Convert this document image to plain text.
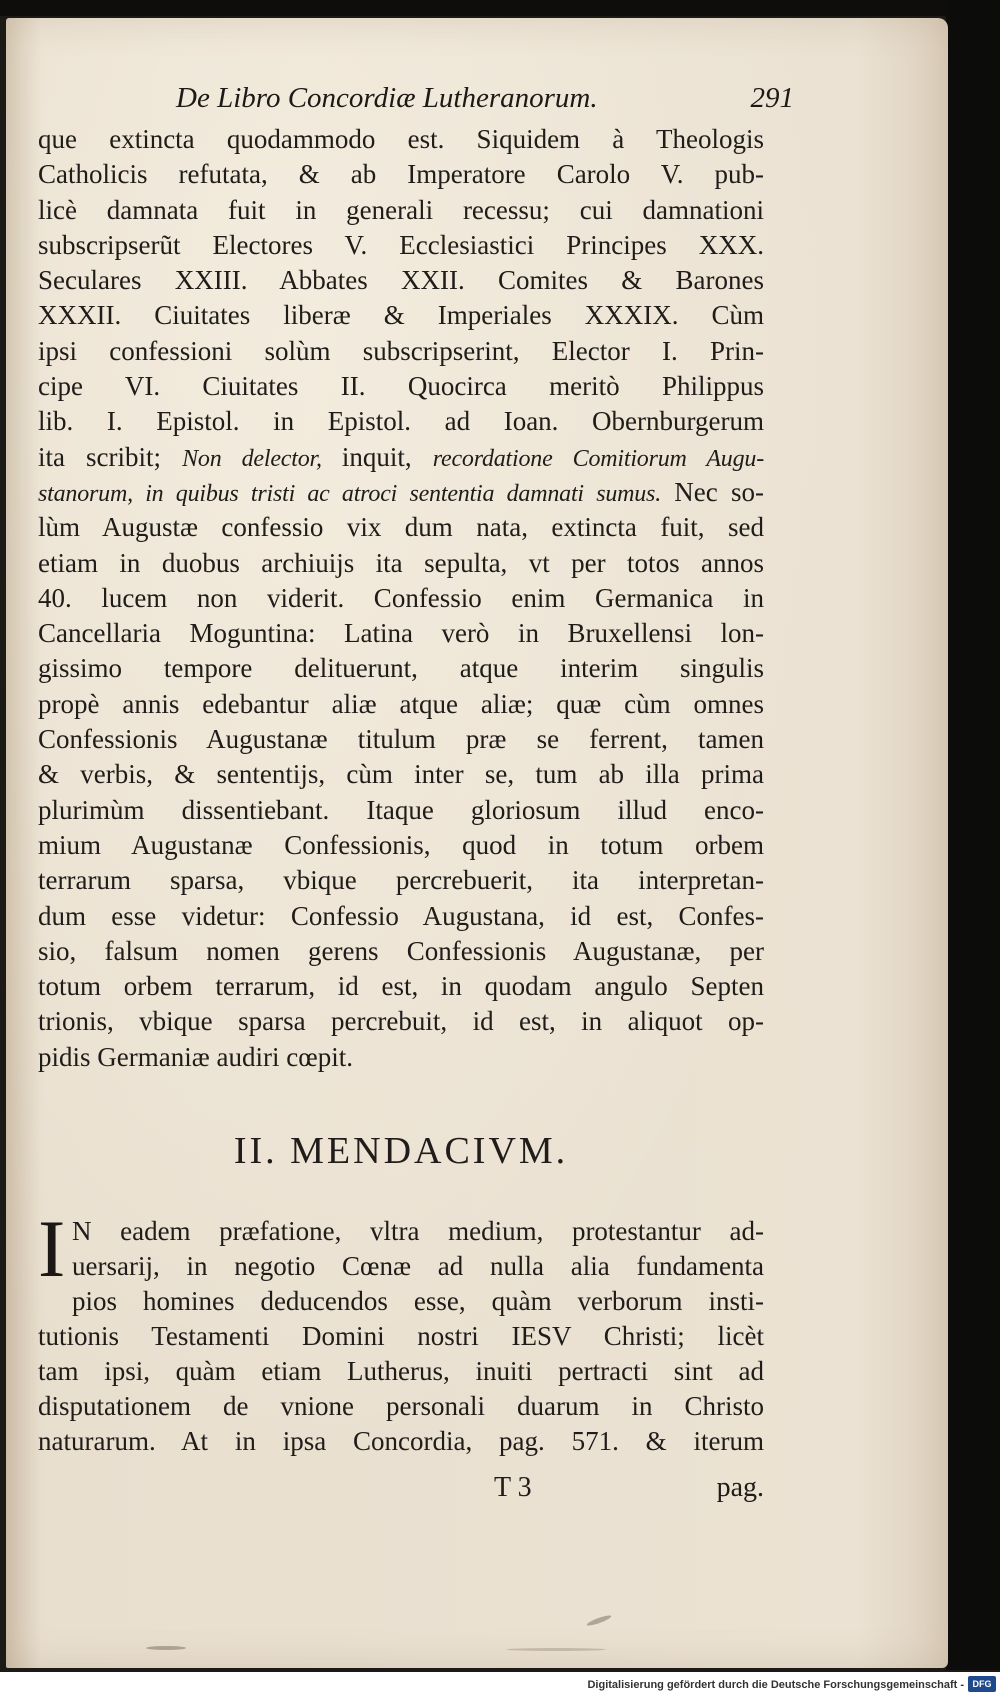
De Libro Concordiæ Lutheranorum.	291
que extincta quodammodo est. Siquidem à Theologis
Catholicis refutata, & ab Imperatore Carolo V. pub-
licè damnata fuit in generali recessu; cui damnationi
subscripserũt Electores V. Ecclesiastici Principes XXX.
Seculares XXIII. Abbates XXII. Comites & Barones
XXXII. Ciuitates liberæ & Imperiales XXXIX. Cùm
ipsi confessioni solùm subscripserint, Elector I. Prin-
cipe VI. Ciuitates II. Quocirca meritò Philippus
lib. I. Epistol. in Epistol. ad Ioan. Obernburgerum
ita scribit; Non delector, inquit, recordatione Comitiorum Augu-
stanorum, in quibus tristi ac atroci sententia damnati sumus. Nec so-
lùm Augustæ confessio vix dum nata, extincta fuit, sed
etiam in duobus archiuijs ita sepulta, vt per totos annos
40. lucem non viderit. Confessio enim Germanica in
Cancellaria Moguntina: Latina verò in Bruxellensi lon-
gissimo tempore delituerunt, atque interim singulis
propè annis edebantur aliæ atque aliæ; quæ cùm omnes
Confessionis Augustanæ titulum præ se ferrent, tamen
& verbis, & sententijs, cùm inter se, tum ab illa prima
plurimùm dissentiebant. Itaque gloriosum illud enco-
mium Augustanæ Confessionis, quod in totum orbem
terrarum sparsa, vbique percrebuerit, ita interpretan-
dum esse videtur: Confessio Augustana, id est, Confes-
sio, falsum nomen gerens Confessionis Augustanæ, per
totum orbem terrarum, id est, in quodam angulo Septen
trionis, vbique sparsa percrebuit, id est, in aliquot op-
pidis Germaniæ audiri cœpit.
II. MENDACIVM.
I N eadem præfatione, vltra medium, protestantur ad-
uersarij, in negotio Cœnæ ad nulla alia fundamenta
pios homines deducendos esse, quàm verborum insti-
tutionis Testamenti Domini nostri IESV Christi; licèt
tam ipsi, quàm etiam Lutherus, inuiti pertracti sint ad
disputationem de vnione personali duarum in Christo
naturarum. At in ipsa Concordia, pag. 571. & iterum
T 3	pag.
Digitalisierung gefördert durch die Deutsche Forschungsgemeinschaft - DFG
